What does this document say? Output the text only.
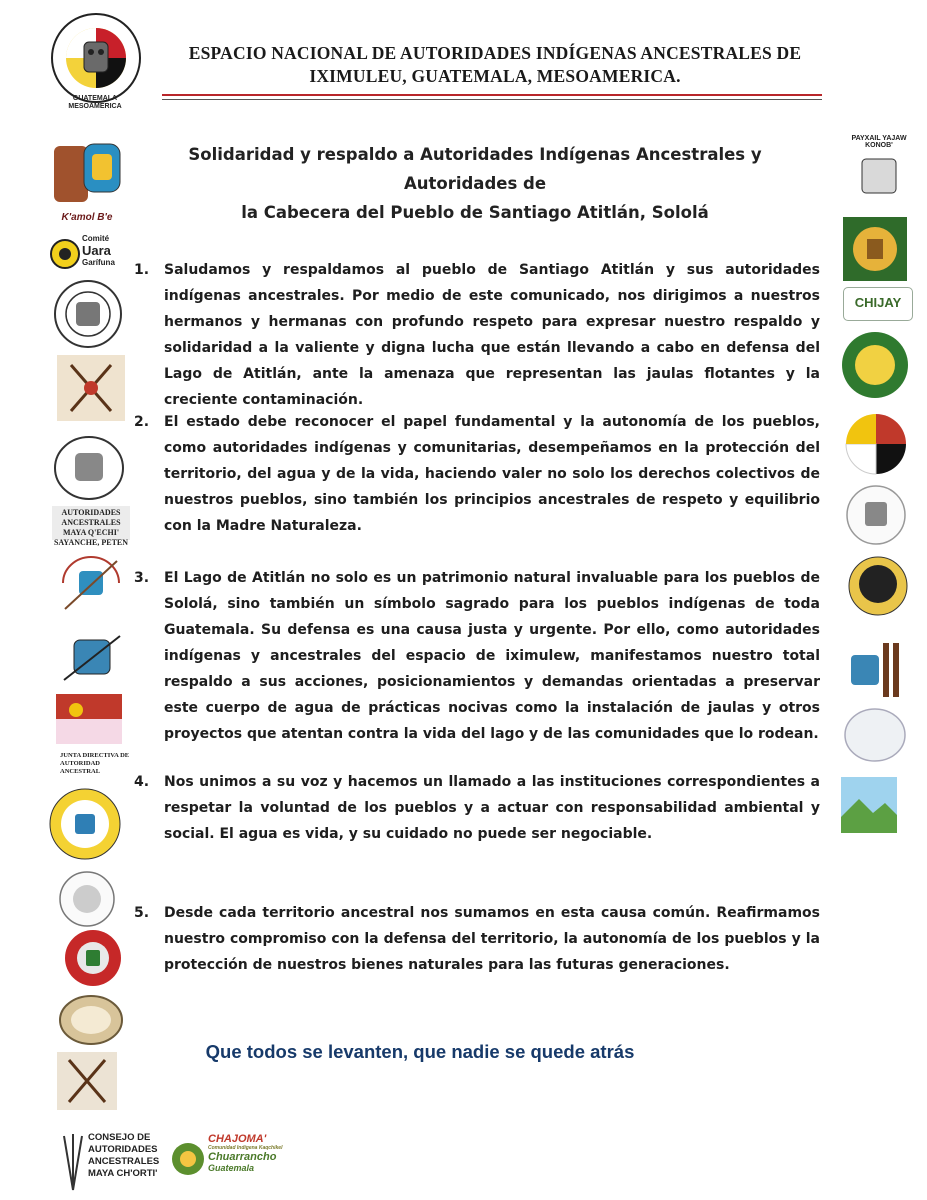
GUATEMALA
MESOAMERICA
ESPACIO NACIONAL DE AUTORIDADES INDÍGENAS ANCESTRALES DE IXIMULEU, GUATEMALA, MESOAMERICA.
Solidaridad y respaldo a Autoridades Indígenas Ancestrales y Autoridades de
la Cabecera del Pueblo de Santiago Atitlán, Sololá
1. Saludamos y respaldamos al pueblo de Santiago Atitlán y sus autoridades indígenas ancestrales. Por medio de este comunicado, nos dirigimos a nuestros hermanos y hermanas con profundo respeto para expresar nuestro respaldo y solidaridad a la valiente y digna lucha que están llevando a cabo en defensa del Lago de Atitlán, ante la amenaza que representan las jaulas flotantes y la creciente contaminación.
2. El estado debe reconocer el papel fundamental y la autonomía de los pueblos, como autoridades indígenas y comunitarias, desempeñamos en la protección del territorio, del agua y de la vida, haciendo valer no solo los derechos colectivos de nuestros pueblos, sino también los principios ancestrales de respeto y equilibrio con la Madre Naturaleza.
3. El Lago de Atitlán no solo es un patrimonio natural invaluable para los pueblos de Sololá, sino también un símbolo sagrado para los pueblos indígenas de toda Guatemala. Su defensa es una causa justa y urgente. Por ello, como autoridades indígenas y ancestrales del espacio de iximulew, manifestamos nuestro total respaldo a sus acciones, posicionamientos y demandas orientadas a preservar este cuerpo de agua de prácticas nocivas como la instalación de jaulas y otros proyectos que atentan contra la vida del lago y de las comunidades que lo rodean.
4. Nos unimos a su voz y hacemos un llamado a las instituciones correspondientes a respetar la voluntad de los pueblos y a actuar con responsabilidad ambiental y social. El agua es vida, y su cuidado no puede ser negociable.
5. Desde cada territorio ancestral nos sumamos en esta causa común. Reafirmamos nuestro compromiso con la defensa del territorio, la autonomía de los pueblos y la protección de nuestros bienes naturales para las futuras generaciones.
Que todos se levanten, que nadie se quede atrás
K'amol B'e
Comité
Uara
Garífuna
AUTORIDADES ANCESTRALES
MAYA Q'ECHI'
SAYANCHE, PETEN
JUNTA DIRECTIVA DE
AUTORIDAD ANCESTRAL
CONSEJO DE
AUTORIDADES
ANCESTRALES
MAYA CH'ORTI'
CHAJOMA'
Comunidad Indígena Kaqchikel
Chuarrancho
Guatemala
PAYXAIL YAJAW KONOB'
CHIJAY
